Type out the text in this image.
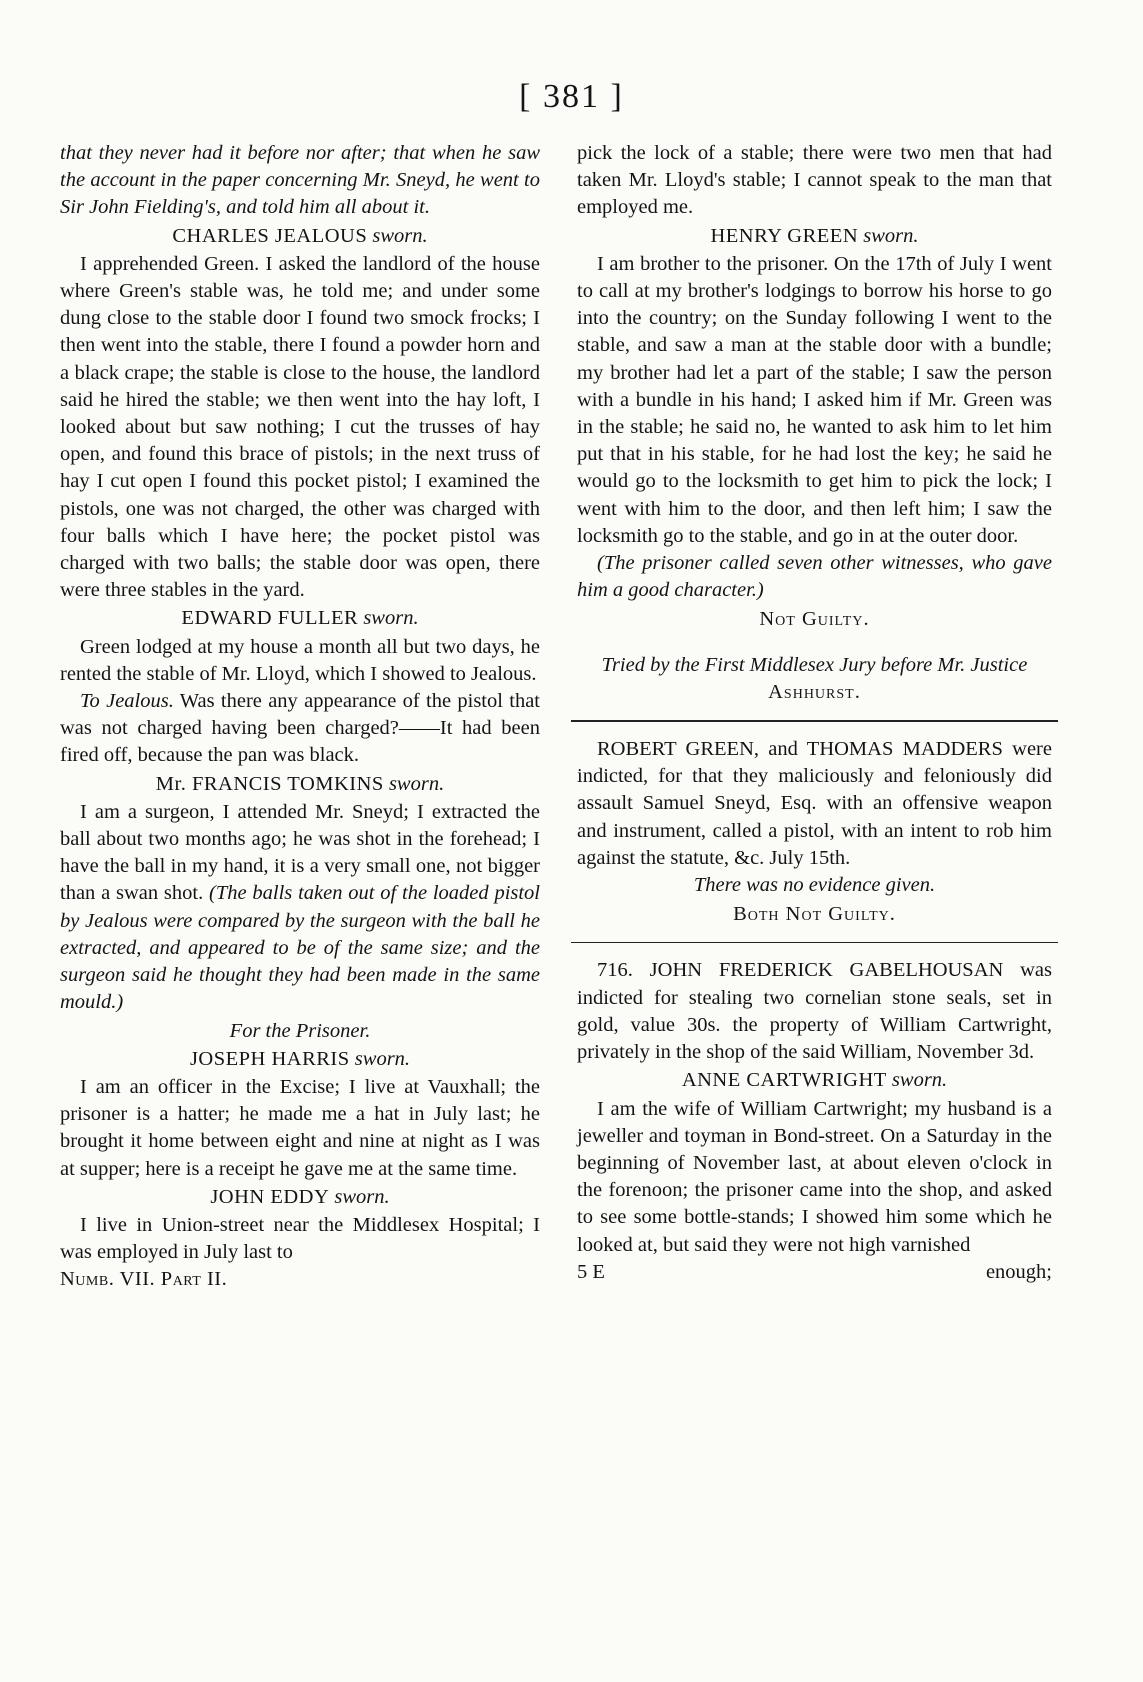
[ 381 ]

that they never had it before nor after; that when he saw the account in the paper concerning Mr. Sneyd, he went to Sir John Fielding's, and told him all about it.

CHARLES JEALOUS sworn.

I apprehended Green. I asked the landlord of the house where Green's stable was, he told me; and under some dung close to the stable door I found two smock frocks; I then went into the stable, there I found a powder horn and a black crape; the stable is close to the house, the landlord said he hired the stable; we then went into the hay loft, I looked about but saw nothing; I cut the trusses of hay open, and found this brace of pistols; in the next truss of hay I cut open I found this pocket pistol; I examined the pistols, one was not charged, the other was charged with four balls which I have here; the pocket pistol was charged with two balls; the stable door was open, there were three stables in the yard.

EDWARD FULLER sworn.

Green lodged at my house a month all but two days, he rented the stable of Mr. Lloyd, which I showed to Jealous.

To Jealous. Was there any appearance of the pistol that was not charged having been charged?——It had been fired off, because the pan was black.

Mr. FRANCIS TOMKINS sworn.

I am a surgeon, I attended Mr. Sneyd; I extracted the ball about two months ago; he was shot in the forehead; I have the ball in my hand, it is a very small one, not bigger than a swan shot. (The balls taken out of the loaded pistol by Jealous were compared by the surgeon with the ball he extracted, and appeared to be of the same size; and the surgeon said he thought they had been made in the same mould.)

For the Prisoner.
JOSEPH HARRIS sworn.

I am an officer in the Excise; I live at Vauxhall; the prisoner is a hatter; he made me a hat in July last; he brought it home between eight and nine at night as I was at supper; here is a receipt he gave me at the same time.

JOHN EDDY sworn.

I live in Union-street near the Middlesex Hospital; I was employed in July last to

Numb. VII. Part II.

pick the lock of a stable; there were two men that had taken Mr. Lloyd's stable; I cannot speak to the man that employed me.

HENRY GREEN sworn.

I am brother to the prisoner. On the 17th of July I went to call at my brother's lodgings to borrow his horse to go into the country; on the Sunday following I went to the stable, and saw a man at the stable door with a bundle; my brother had let a part of the stable; I saw the person with a bundle in his hand; I asked him if Mr. Green was in the stable; he said no, he wanted to ask him to let him put that in his stable, for he had lost the key; he said he would go to the locksmith to get him to pick the lock; I went with him to the door, and then left him; I saw the locksmith go to the stable, and go in at the outer door.

(The prisoner called seven other witnesses, who gave him a good character.)

Not Guilty.
Tried by the First Middlesex Jury before Mr. Justice Ashhurst.

ROBERT GREEN, and THOMAS MADDERS were indicted, for that they maliciously and feloniously did assault Samuel Sneyd, Esq. with an offensive weapon and instrument, called a pistol, with an intent to rob him against the statute, &c. July 15th.

There was no evidence given.
Both Not Guilty.

716. JOHN FREDERICK GABELHOUSAN was indicted for stealing two cornelian stone seals, set in gold, value 30s. the property of William Cartwright, privately in the shop of the said William, November 3d.

ANNE CARTWRIGHT sworn.

I am the wife of William Cartwright; my husband is a jeweller and toyman in Bond-street. On a Saturday in the beginning of November last, at about eleven o'clock in the forenoon; the prisoner came into the shop, and asked to see some bottle-stands; I showed him some which he looked at, but said they were not high varnished

5 E	enough;
